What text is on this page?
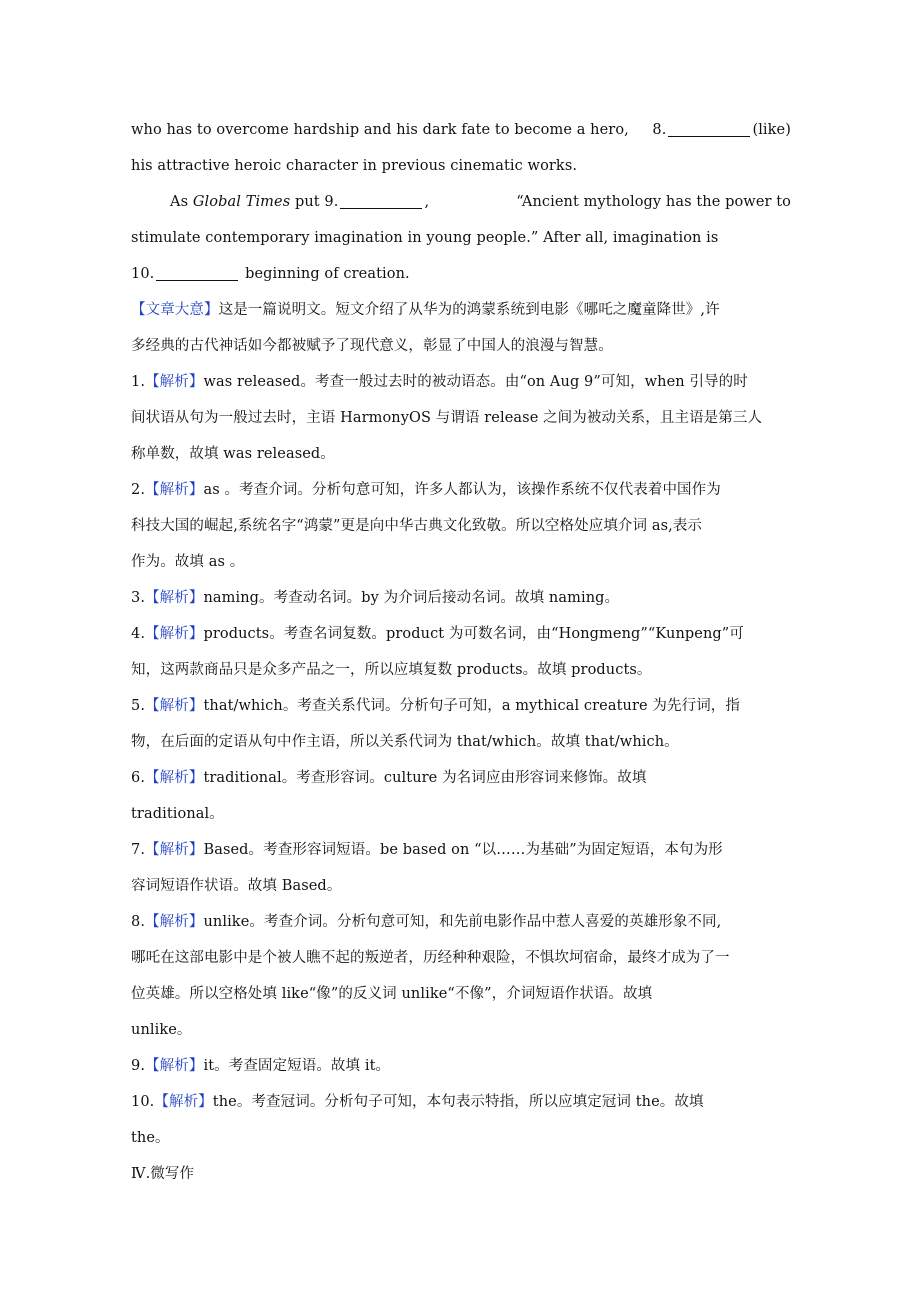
who has to overcome hardship and his dark fate to become a hero, 8.	(like)
his attractive heroic character in previous cinematic works.
As Global Times put 9.	,	“Ancient mythology has the power to
stimulate contemporary imagination in young people.” After all, imagination is
10.	beginning of creation.
【文章大意】这是一篇说明文。短文介绍了从华为的鸿蒙系统到电影《哪吒之魔童降世》,许
多经典的古代神话如今都被赋予了现代意义，彰显了中国人的浪漫与智慧。
1.【解析】was released。考查一般过去时的被动语态。由“on Aug 9”可知，when 引导的时
间状语从句为一般过去时，主语 HarmonyOS 与谓语 release 之间为被动关系，且主语是第三人
称单数，故填 was released。
2.【解析】as 。考查介词。分析句意可知，许多人都认为，该操作系统不仅代表着中国作为
科技大国的崛起,系统名字“鸿蒙”更是向中华古典文化致敬。所以空格处应填介词 as,表示
作为。故填 as 。
3.【解析】naming。考查动名词。by 为介词后接动名词。故填 naming。
4.【解析】products。考查名词复数。product 为可数名词，由“Hongmeng”“Kunpeng”可
知，这两款商品只是众多产品之一，所以应填复数 products。故填 products。
5.【解析】that/which。考查关系代词。分析句子可知，a mythical creature 为先行词，指
物，在后面的定语从句中作主语，所以关系代词为 that/which。故填 that/which。
6.【解析】traditional。考查形容词。culture 为名词应由形容词来修饰。故填
traditional。
7.【解析】Based。考查形容词短语。be based on “以……为基础”为固定短语，本句为形
容词短语作状语。故填 Based。
8.【解析】unlike。考查介词。分析句意可知，和先前电影作品中惹人喜爱的英雄形象不同,
哪吒在这部电影中是个被人瞧不起的叛逆者，历经种种艰险，不惧坎坷宿命，最终才成为了一
位英雄。所以空格处填 like“像”的反义词 unlike“不像”，介词短语作状语。故填
unlike。
9.【解析】it。考查固定短语。故填 it。
10.【解析】the。考查冠词。分析句子可知，本句表示特指，所以应填定冠词 the。故填
the。
Ⅳ.微写作
